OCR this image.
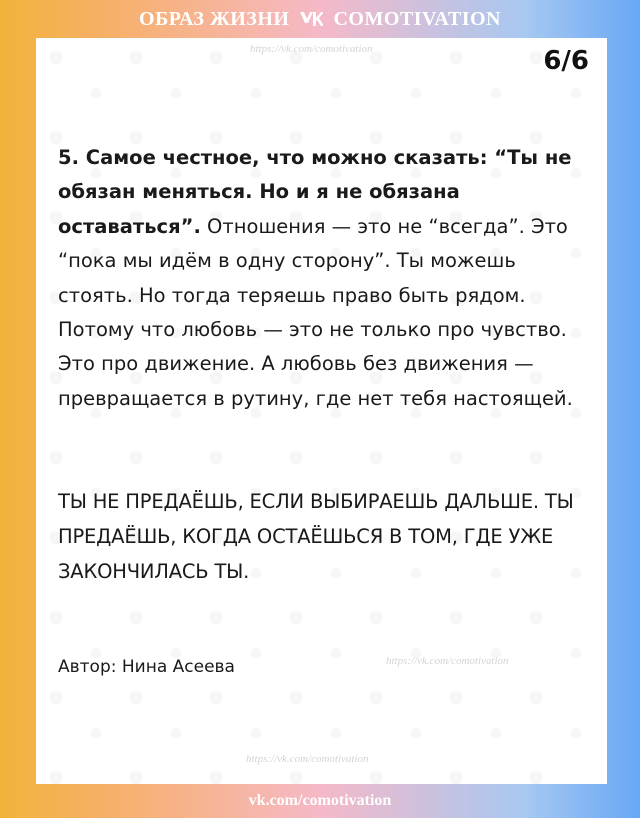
ОБРАЗ ЖИЗНИ COMOTIVATION
https://vk.com/comotivation	6/6
5. Самое честное, что можно сказать: “Ты не обязан меняться. Но и я не обязана оставаться”. Отношения — это не “всегда”. Это “пока мы идём в одну сторону”. Ты можешь стоять. Но тогда теряешь право быть рядом. Потому что любовь — это не только про чувство. Это про движение. А любовь без движения — превращается в рутину, где нет тебя настоящей.
ТЫ НЕ ПРЕДАЁШЬ, ЕСЛИ ВЫБИРАЕШЬ ДАЛЬШЕ. ТЫ ПРЕДАЁШЬ, КОГДА ОСТАЁШЬСЯ В ТОМ, ГДЕ УЖЕ ЗАКОНЧИЛАСЬ ТЫ.
Автор: Нина Асеева	https://vk.com/comotivation
https://vk.com/comotivation
vk.com/comotivation
